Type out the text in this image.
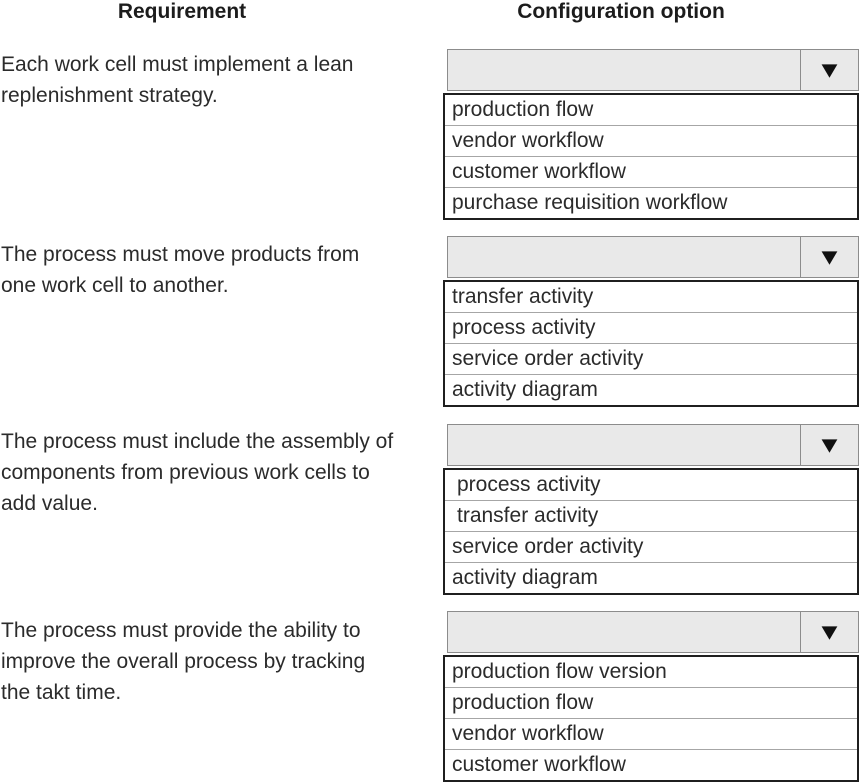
Requirement	Configuration option
Each work cell must implement a lean
replenishment strategy.
▼
production flow
vendor workflow
customer workflow
purchase requisition workflow
The process must move products from
one work cell to another.
▼
transfer activity
process activity
service order activity
activity diagram
The process must include the assembly of
components from previous work cells to
add value.
▼
process activity
transfer activity
service order activity
activity diagram
The process must provide the ability to
improve the overall process by tracking
the takt time.
▼
production flow version
production flow
vendor workflow
customer workflow
